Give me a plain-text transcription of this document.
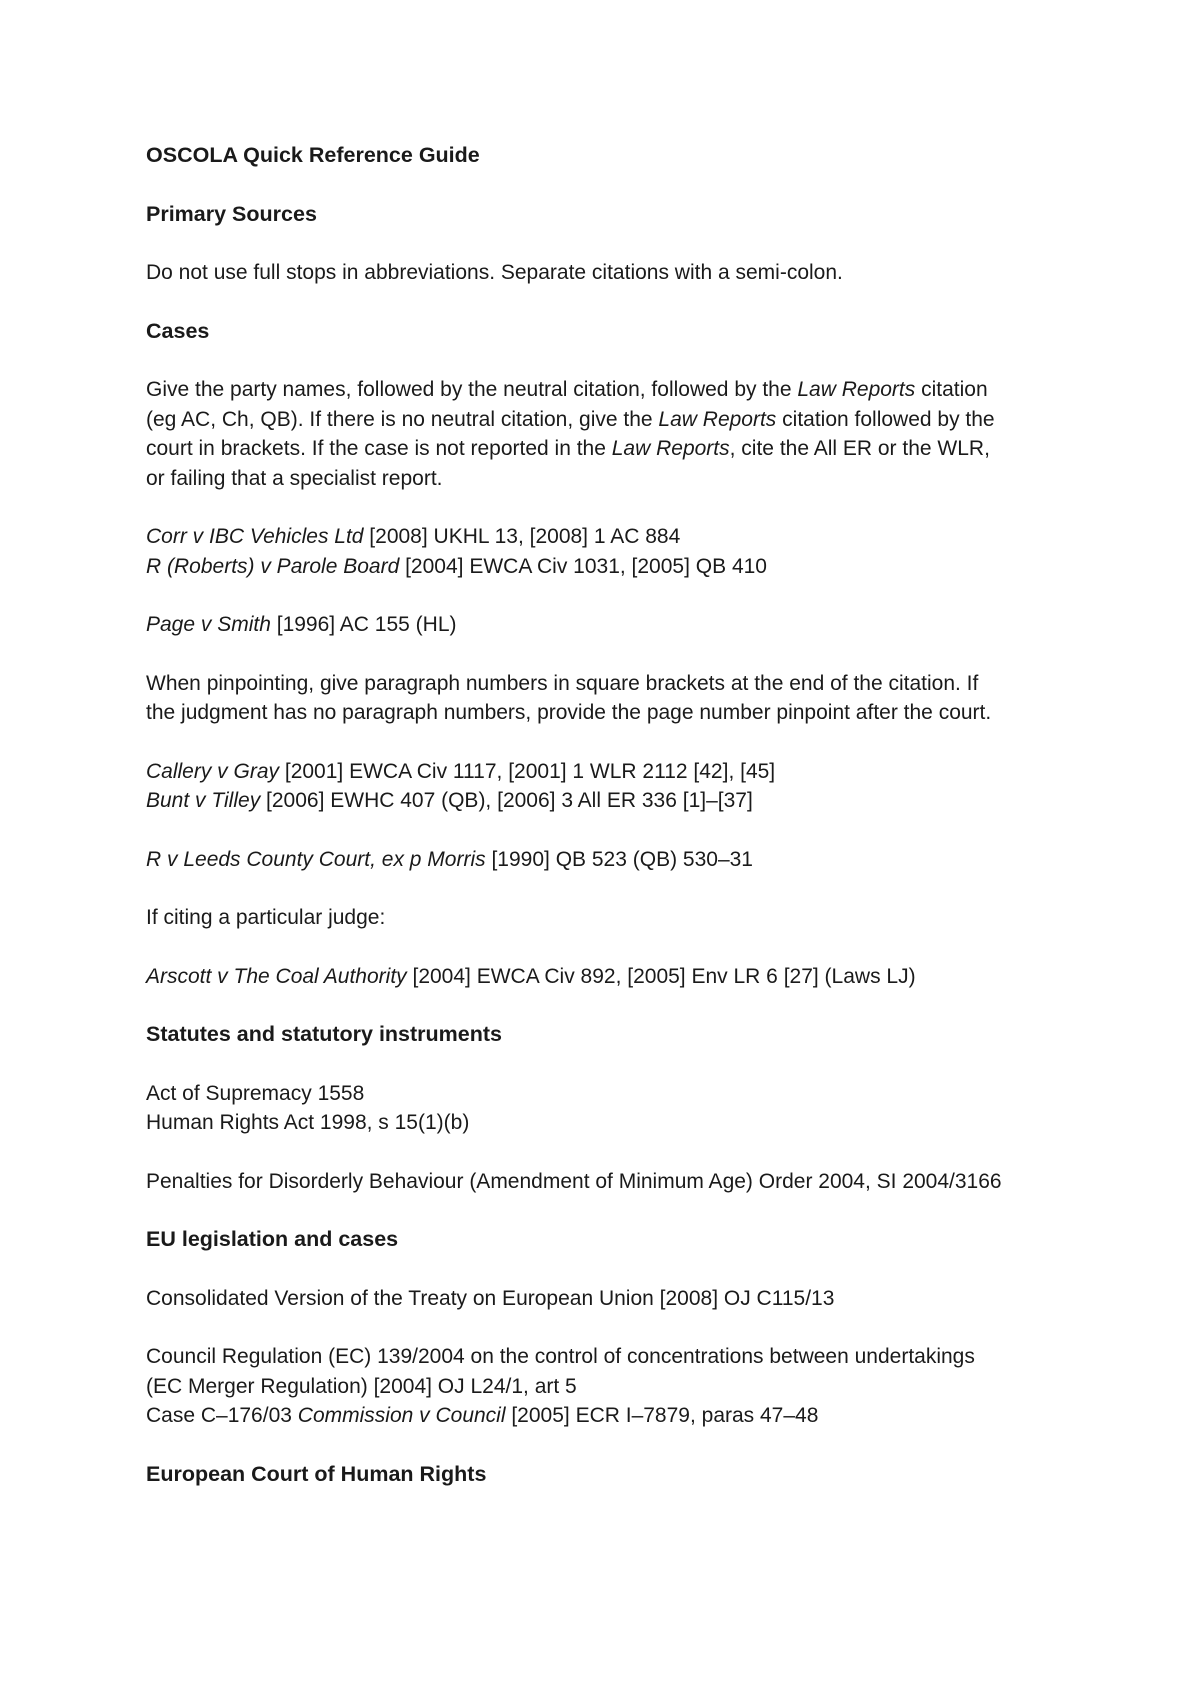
OSCOLA Quick Reference Guide
Primary Sources
Do not use full stops in abbreviations. Separate citations with a semi-colon.
Cases
Give the party names, followed by the neutral citation, followed by the Law Reports citation
(eg AC, Ch, QB). If there is no neutral citation, give the Law Reports citation followed by the
court in brackets. If the case is not reported in the Law Reports, cite the All ER or the WLR,
or failing that a specialist report.
Corr v IBC Vehicles Ltd [2008] UKHL 13, [2008] 1 AC 884
R (Roberts) v Parole Board [2004] EWCA Civ 1031, [2005] QB 410
Page v Smith [1996] AC 155 (HL)
When pinpointing, give paragraph numbers in square brackets at the end of the citation. If
the judgment has no paragraph numbers, provide the page number pinpoint after the court.
Callery v Gray [2001] EWCA Civ 1117, [2001] 1 WLR 2112 [42], [45]
Bunt v Tilley [2006] EWHC 407 (QB), [2006] 3 All ER 336 [1]–[37]
R v Leeds County Court, ex p Morris [1990] QB 523 (QB) 530–31
If citing a particular judge:
Arscott v The Coal Authority [2004] EWCA Civ 892, [2005] Env LR 6 [27] (Laws LJ)
Statutes and statutory instruments
Act of Supremacy 1558
Human Rights Act 1998, s 15(1)(b)
Penalties for Disorderly Behaviour (Amendment of Minimum Age) Order 2004, SI 2004/3166
EU legislation and cases
Consolidated Version of the Treaty on European Union [2008] OJ C115/13
Council Regulation (EC) 139/2004 on the control of concentrations between undertakings
(EC Merger Regulation) [2004] OJ L24/1, art 5
Case C–176/03 Commission v Council [2005] ECR I–7879, paras 47–48
European Court of Human Rights
